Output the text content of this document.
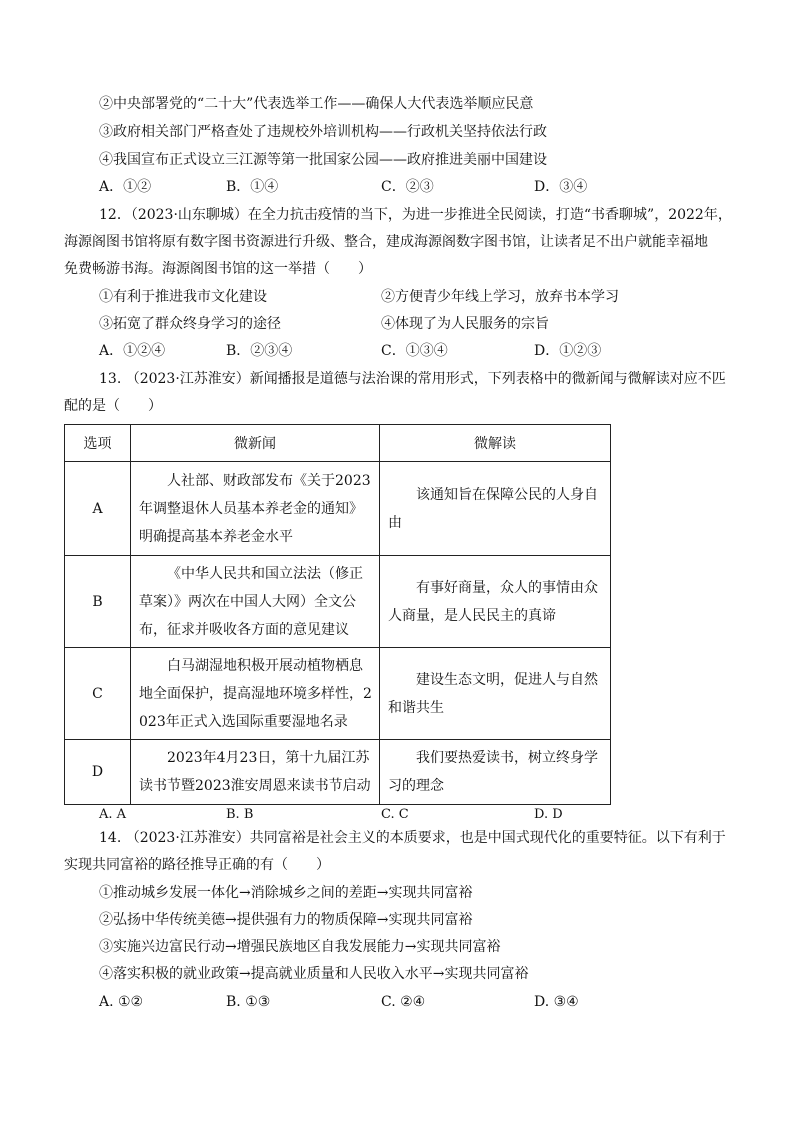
②中央部署党的“二十大”代表选举工作——确保人大代表选举顺应民意
③政府相关部门严格查处了违规校外培训机构——行政机关坚持依法行政
④我国宣布正式设立三江源等第一批国家公园——政府推进美丽中国建设
A．①②	B．①④	C．②③	D．③④
12．（2023·山东聊城）在全力抗击疫情的当下，为进一步推进全民阅读，打造“书香聊城”，2022年，
海源阁图书馆将原有数字图书资源进行升级、整合，建成海源阁数字图书馆，让读者足不出户就能幸福地
免费畅游书海。海源阁图书馆的这一举措（　　）
①有利于推进我市文化建设	②方便青少年线上学习，放弃书本学习
③拓宽了群众终身学习的途径	④体现了为人民服务的宗旨
A．①②④	B．②③④	C．①③④	D．①②③
13. （2023·江苏淮安）新闻播报是道德与法治课的常用形式，下列表格中的微新闻与微解读对应不匹
配的是（　　）
选项	微新闻	微解读
A	人社部、财政部发布《关于2023年调整退休人员基本养老金的通知》明确提高基本养老金水平	该通知旨在保障公民的人身自由

B	《中华人民共和国立法法（修正草案）》两次在中国人大网）全文公布，征求并吸收各方面的意见建议	有事好商量，众人的事情由众人商量，是人民民主的真谛

C	白马湖湿地积极开展动植物栖息地全面保护，提高湿地环境多样性，2023年正式入选国际重要湿地名录	建设生态文明，促进人与自然和谐共生

D	2023年4月23日，第十九届江苏读书节暨2023淮安周恩来读书节启动	我们要热爱读书，树立终身学习的理念
A. A	B. B	C. C	D. D
14. （2023·江苏淮安）共同富裕是社会主义的本质要求，也是中国式现代化的重要特征。以下有利于
实现共同富裕的路径推导正确的有（　　）
①推动城乡发展一体化→消除城乡之间的差距→实现共同富裕
②弘扬中华传统美德→提供强有力的物质保障→实现共同富裕
③实施兴边富民行动→增强民族地区自我发展能力→实现共同富裕
④落实积极的就业政策→提高就业质量和人民收入水平→实现共同富裕
A. ①②	B. ①③	C. ②④	D. ③④
